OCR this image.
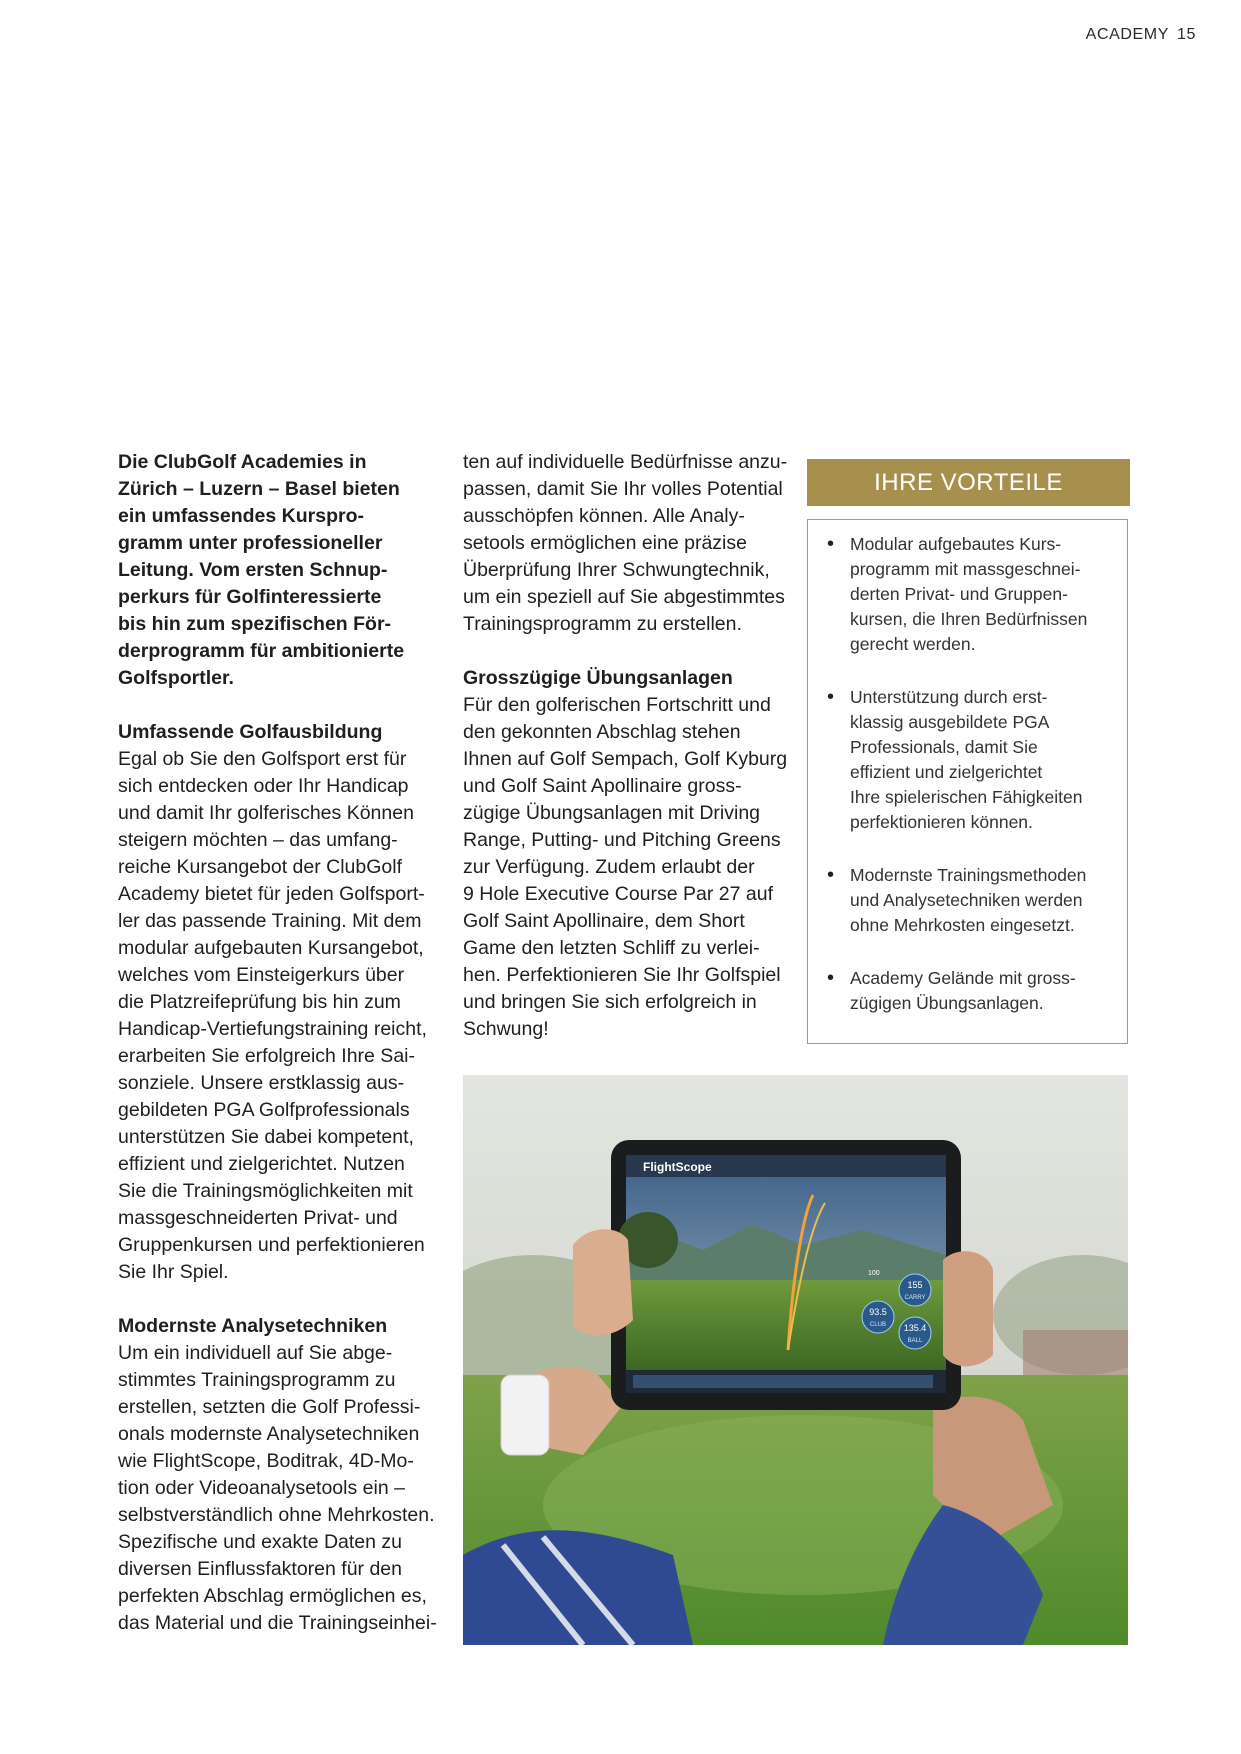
ACADEMY 15

Die ClubGolf Academies in
Zürich – Luzern – Basel bieten
ein umfassendes Kurspro-
gramm unter professioneller
Leitung. Vom ersten Schnup-
perkurs für Golfinteressierte
bis hin zum spezifischen För-
derprogramm für ambitionierte
Golfsportler.

Umfassende Golfausbildung

Egal ob Sie den Golfsport erst für
sich entdecken oder Ihr Handicap
und damit Ihr golferisches Können
steigern möchten – das umfang-
reiche Kursangebot der ClubGolf
Academy bietet für jeden Golfsport-
ler das passende Training. Mit dem
modular aufgebauten Kursangebot,
welches vom Einsteigerkurs über
die Platzreifeprüfung bis hin zum
Handicap-Vertiefungstraining reicht,
erarbeiten Sie erfolgreich Ihre Sai-
sonziele. Unsere erstklassig aus-
gebildeten PGA Golfprofessionals
unterstützen Sie dabei kompetent,
effizient und zielgerichtet. Nutzen
Sie die Trainingsmöglichkeiten mit
massgeschneiderten Privat- und
Gruppenkursen und perfektionieren
Sie Ihr Spiel.

Modernste Analysetechniken

Um ein individuell auf Sie abge-
stimmtes Trainingsprogramm zu
erstellen, setzten die Golf Professi-
onals modernste Analysetechniken
wie FlightScope, Boditrak, 4D-Mo-
tion oder Videoanalysetools ein –
selbstverständlich ohne Mehrkosten.
Spezifische und exakte Daten zu
diversen Einflussfaktoren für den
perfekten Abschlag ermöglichen es,
das Material und die Trainingseinhei-

ten auf individuelle Bedürfnisse anzu-
passen, damit Sie Ihr volles Potential
ausschöpfen können. Alle Analy-
setools ermöglichen eine präzise
Überprüfung Ihrer Schwungtechnik,
um ein speziell auf Sie abgestimmtes
Trainingsprogramm zu erstellen.

Grosszügige Übungsanlagen

Für den golferischen Fortschritt und
den gekonnten Abschlag stehen
Ihnen auf Golf Sempach, Golf Kyburg
und Golf Saint Apollinaire gross-
zügige Übungsanlagen mit Driving
Range, Putting- und Pitching Greens
zur Verfügung. Zudem erlaubt der
9 Hole Executive Course Par 27 auf
Golf Saint Apollinaire, dem Short
Game den letzten Schliff zu verlei-
hen. Perfektionieren Sie Ihr Golfspiel
und bringen Sie sich erfolgreich in
Schwung!

IHRE VORTEILE
• Modular aufgebautes Kurs-
programm mit massgeschnei-
derten Privat- und Gruppen-
kursen, die Ihren Bedürfnissen
gerecht werden.
• Unterstützung durch erst-
klassig ausgebildete PGA
Professionals, damit Sie
effizient und zielgerichtet
Ihre spielerischen Fähigkeiten
perfektionieren können.
• Modernste Trainingsmethoden
und Analysetechniken werden
ohne Mehrkosten eingesetzt.
• Academy Gelände mit gross-
zügigen Übungsanlagen.
FlightScope
155
CARRY
93.5
CLUB 135.4
BALL
100
